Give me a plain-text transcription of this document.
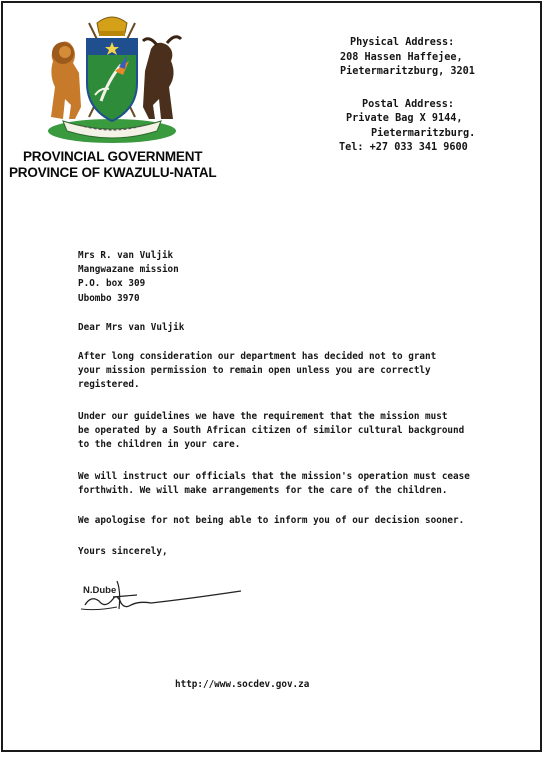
PROVINCIAL GOVERNMENT
PROVINCE OF KWAZULU-NATAL
Physical Address:
208 Hassen Haffejee,
Pietermaritzburg, 3201
Postal Address:
Private Bag X 9144,
Pietermaritzburg.
Tel: +27 033 341 9600
Mrs R. van Vuljik
Mangwazane mission
P.O. box 309
Ubombo 3970
Dear Mrs van Vuljik
After long consideration our department has decided not to grant
your mission permission to remain open unless you are correctly
registered.
Under our guidelines we have the requirement that the mission must
be operated by a South African citizen of similor cultural background
to the children in your care.
We will instruct our officials that the mission's operation must cease
forthwith. We will make arrangements for the care of the children.
We apologise for not being able to inform you of our decision sooner.
Yours sincerely,
N.Dube
http://www.socdev.gov.za
